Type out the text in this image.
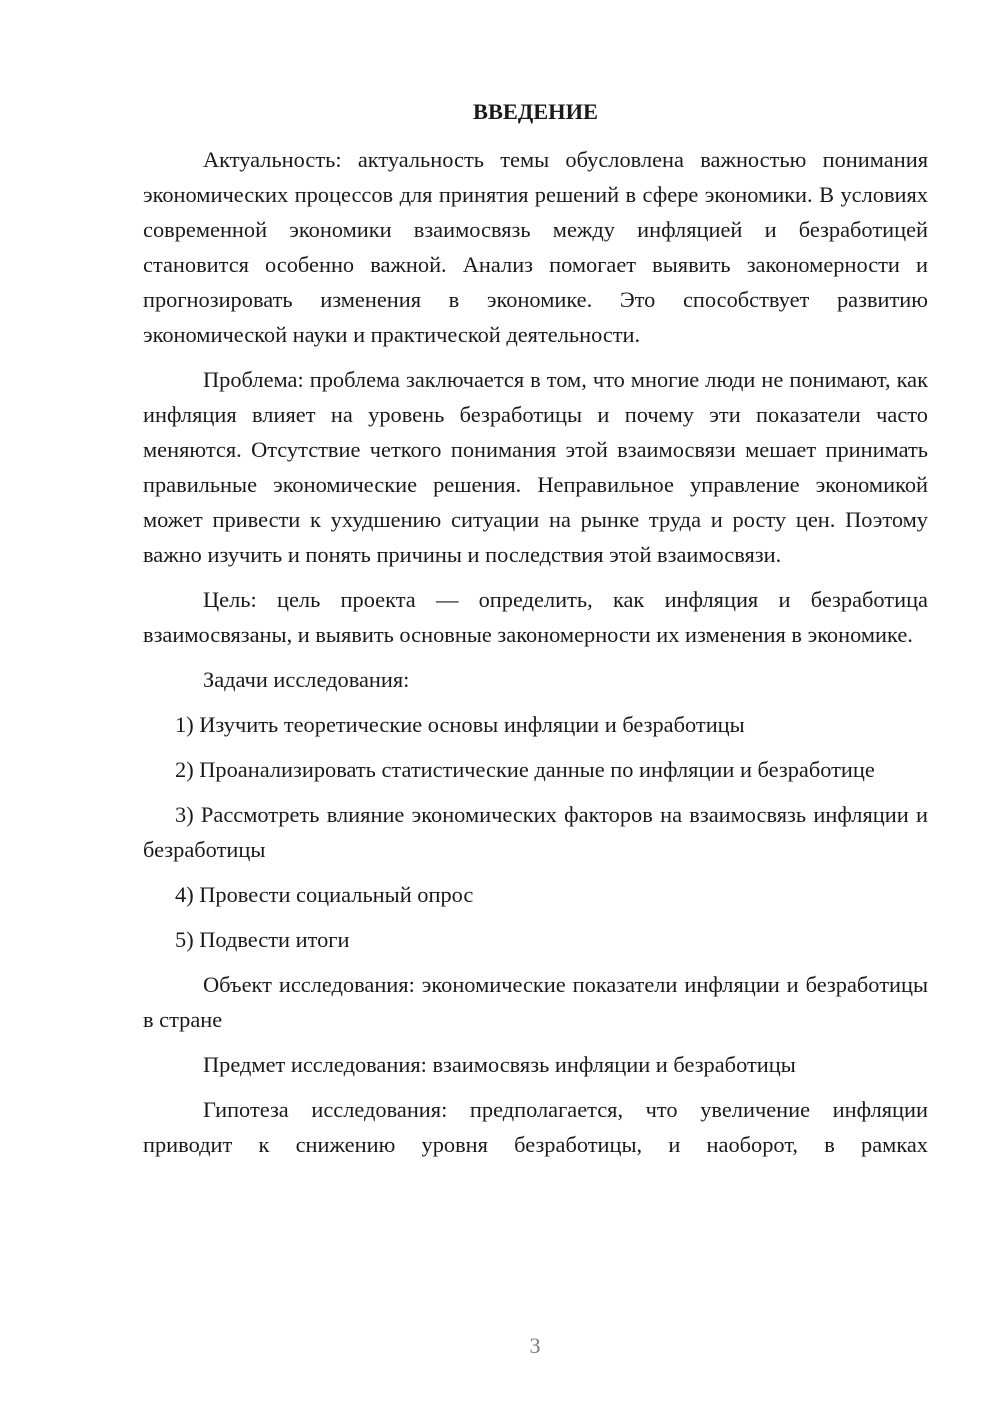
ВВЕДЕНИЕ
Актуальность: актуальность темы обусловлена важностью понимания экономических процессов для принятия решений в сфере экономики. В условиях современной экономики взаимосвязь между инфляцией и безработицей становится особенно важной. Анализ помогает выявить закономерности и прогнозировать изменения в экономике. Это способствует развитию экономической науки и практической деятельности.
Проблема: проблема заключается в том, что многие люди не понимают, как инфляция влияет на уровень безработицы и почему эти показатели часто меняются. Отсутствие четкого понимания этой взаимосвязи мешает принимать правильные экономические решения. Неправильное управление экономикой может привести к ухудшению ситуации на рынке труда и росту цен. Поэтому важно изучить и понять причины и последствия этой взаимосвязи.
Цель: цель проекта — определить, как инфляция и безработица взаимосвязаны, и выявить основные закономерности их изменения в экономике.
Задачи исследования:
1) Изучить теоретические основы инфляции и безработицы
2) Проанализировать статистические данные по инфляции и безработице
3) Рассмотреть влияние экономических факторов на взаимосвязь инфляции и безработицы
4) Провести социальный опрос
5) Подвести итоги
Объект исследования: экономические показатели инфляции и безработицы в стране
Предмет исследования: взаимосвязь инфляции и безработицы
Гипотеза исследования: предполагается, что увеличение инфляции приводит к снижению уровня безработицы, и наоборот, в рамках
3
